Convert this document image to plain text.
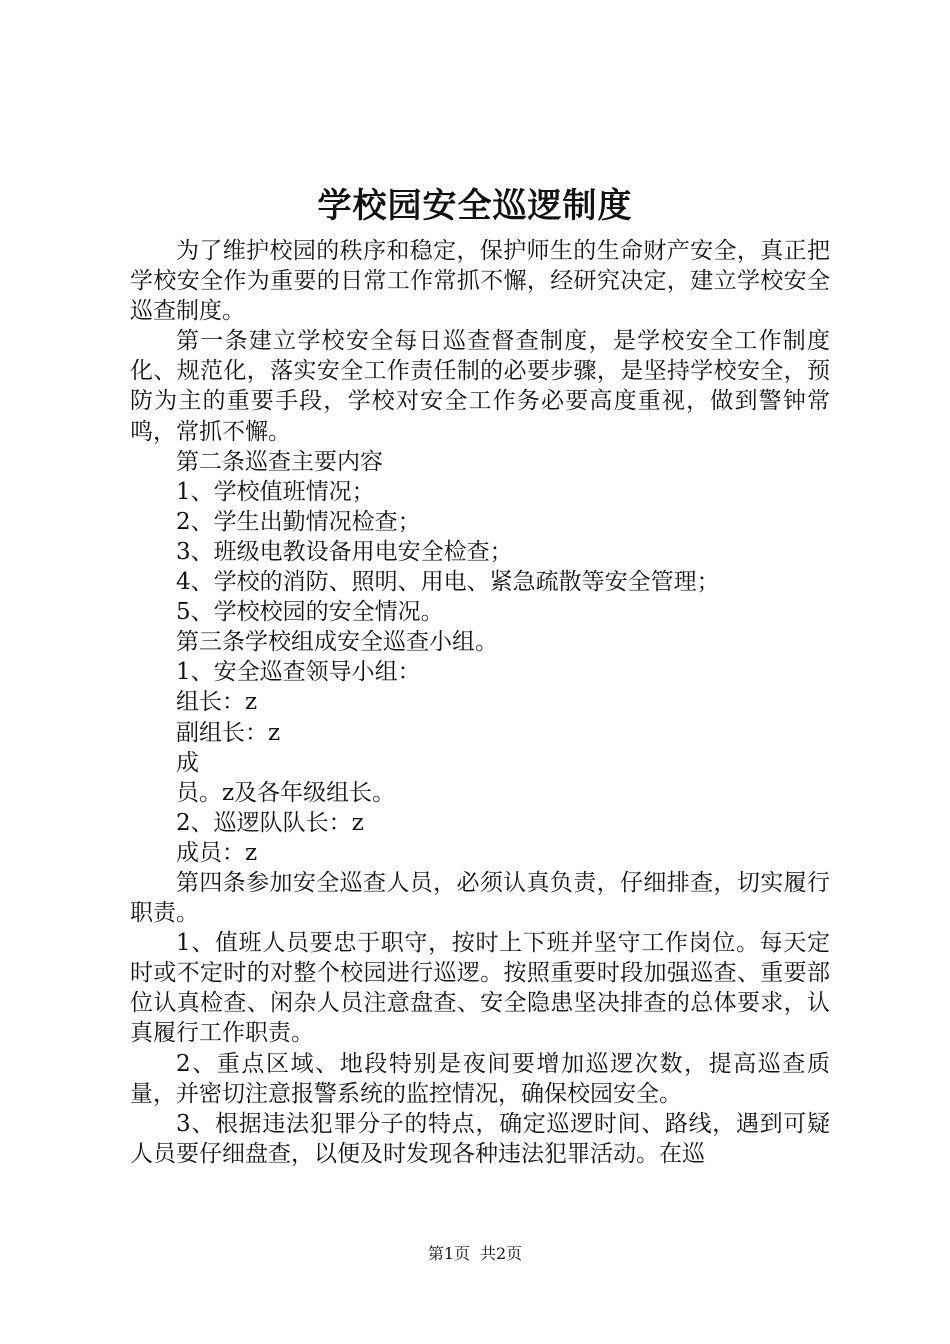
学校园安全巡逻制度

为了维护校园的秩序和稳定，保护师生的生命财产安全，真正把学校安全作为重要的日常工作常抓不懈，经研究决定，建立学校安全巡查制度。

第一条建立学校安全每日巡查督查制度，是学校安全工作制度化、规范化，落实安全工作责任制的必要步骤，是坚持学校安全，预防为主的重要手段，学校对安全工作务必要高度重视，做到警钟常鸣，常抓不懈。

第二条巡查主要内容

1、学校值班情况；

2、学生出勤情况检查；

3、班级电教设备用电安全检查；

4、学校的消防、照明、用电、紧急疏散等安全管理；

5、学校校园的安全情况。

第三条学校组成安全巡查小组。

1、安全巡查领导小组：

组长：z

副组长：z

成

员。z及各年级组长。

2、巡逻队队长：z

成员：z

第四条参加安全巡查人员，必须认真负责，仔细排查，切实履行职责。

1、值班人员要忠于职守，按时上下班并坚守工作岗位。每天定时或不定时的对整个校园进行巡逻。按照重要时段加强巡查、重要部位认真检查、闲杂人员注意盘查、安全隐患坚决排查的总体要求，认真履行工作职责。

2、重点区域、地段特别是夜间要增加巡逻次数，提高巡查质量，并密切注意报警系统的监控情况，确保校园安全。

3、根据违法犯罪分子的特点，确定巡逻时间、路线，遇到可疑人员要仔细盘查，以便及时发现各种违法犯罪活动。在巡

第1页 共2页
